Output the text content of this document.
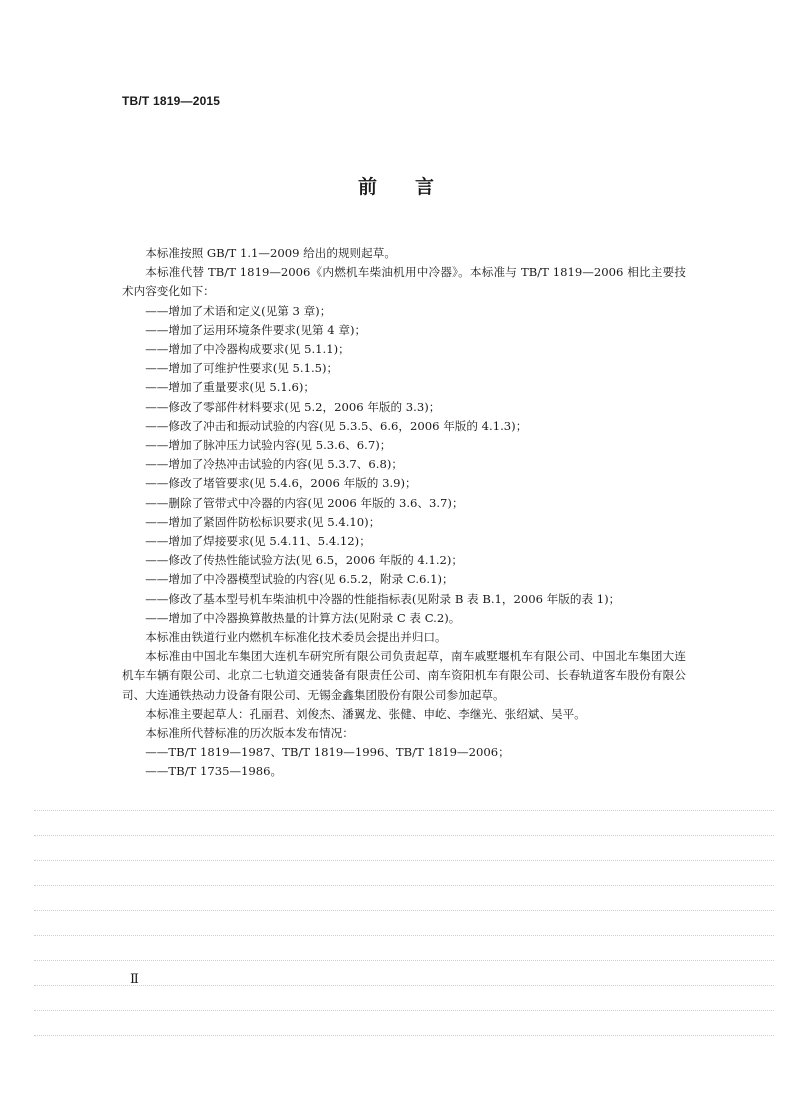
TB/T 1819—2015
前言

本标准按照 GB/T 1.1—2009 给出的规则起草。

本标准代替 TB/T 1819—2006《内燃机车柴油机用中冷器》。本标准与 TB/T 1819—2006 相比主要技术内容变化如下：

——增加了术语和定义(见第 3 章)；
——增加了运用环境条件要求(见第 4 章)；
——增加了中冷器构成要求(见 5.1.1)；
——增加了可维护性要求(见 5.1.5)；
——增加了重量要求(见 5.1.6)；
——修改了零部件材料要求(见 5.2，2006 年版的 3.3)；
——修改了冲击和振动试验的内容(见 5.3.5、6.6，2006 年版的 4.1.3)；
——增加了脉冲压力试验内容(见 5.3.6、6.7)；
——增加了冷热冲击试验的内容(见 5.3.7、6.8)；
——修改了堵管要求(见 5.4.6，2006 年版的 3.9)；
——删除了管带式中冷器的内容(见 2006 年版的 3.6、3.7)；
——增加了紧固件防松标识要求(见 5.4.10)；
——增加了焊接要求(见 5.4.11、5.4.12)；
——修改了传热性能试验方法(见 6.5，2006 年版的 4.1.2)；
——增加了中冷器模型试验的内容(见 6.5.2，附录 C.6.1)；
——修改了基本型号机车柴油机中冷器的性能指标表(见附录 B 表 B.1，2006 年版的表 1)；
——增加了中冷器换算散热量的计算方法(见附录 C 表 C.2)。

本标准由铁道行业内燃机车标准化技术委员会提出并归口。

本标准由中国北车集团大连机车研究所有限公司负责起草，南车戚墅堰机车有限公司、中国北车集团大连机车车辆有限公司、北京二七轨道交通装备有限责任公司、南车资阳机车有限公司、长春轨道客车股份有限公司、大连通铁热动力设备有限公司、无锡金鑫集团股份有限公司参加起草。

本标准主要起草人：孔丽君、刘俊杰、潘翼龙、张健、申屹、李继光、张绍斌、吴平。

本标准所代替标准的历次版本发布情况：

——TB/T 1819—1987、TB/T 1819—1996、TB/T 1819—2006；
——TB/T 1735—1986。
Ⅱ
